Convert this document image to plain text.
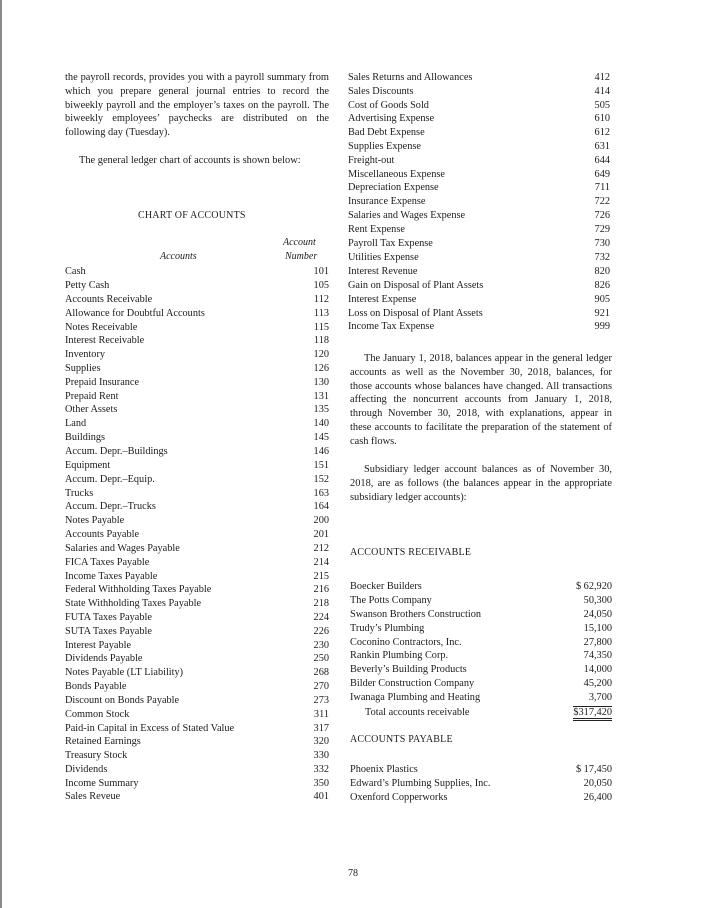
the payroll records, provides you with a payroll summary from which you prepare general journal entries to record the biweekly payroll and the employer’s taxes on the payroll. The biweekly employees’ paychecks are distributed on the following day (Tuesday).

The general ledger chart of accounts is shown below:

CHART OF ACCOUNTS
Account
Accounts	Number
Cash	101
Petty Cash	105
Accounts Receivable	112
Allowance for Doubtful Accounts	113
Notes Receivable	115
Interest Receivable	118
Inventory	120
Supplies	126
Prepaid Insurance	130
Prepaid Rent	131
Other Assets	135
Land	140
Buildings	145
Accum. Depr.–Buildings	146
Equipment	151
Accum. Depr.–Equip.	152
Trucks	163
Accum. Depr.–Trucks	164
Notes Payable	200
Accounts Payable	201
Salaries and Wages Payable	212
FICA Taxes Payable	214
Income Taxes Payable	215
Federal Withholding Taxes Payable	216
State Withholding Taxes Payable	218
FUTA Taxes Payable	224
SUTA Taxes Payable	226
Interest Payable	230
Dividends Payable	250
Notes Payable (LT Liability)	268
Bonds Payable	270
Discount on Bonds Payable	273
Common Stock	311
Paid-in Capital in Excess of Stated Value	317
Retained Earnings	320
Treasury Stock	330
Dividends	332
Income Summary	350
Sales Reveue	401
Sales Returns and Allowances	412
Sales Discounts	414
Cost of Goods Sold	505
Advertising Expense	610
Bad Debt Expense	612
Supplies Expense	631
Freight-out	644
Miscellaneous Expense	649
Depreciation Expense	711
Insurance Expense	722
Salaries and Wages Expense	726
Rent Expense	729
Payroll Tax Expense	730
Utilities Expense	732
Interest Revenue	820
Gain on Disposal of Plant Assets	826
Interest Expense	905
Loss on Disposal of Plant Assets	921
Income Tax Expense	999

The January 1, 2018, balances appear in the general ledger accounts as well as the November 30, 2018, balances, for those accounts whose balances have changed. All transactions affecting the noncurrent accounts from January 1, 2018, through November 30, 2018, with explanations, appear in these accounts to facilitate the preparation of the statement of cash flows.

Subsidiary ledger account balances as of November 30, 2018, are as follows (the balances appear in the appropriate subsidiary ledger accounts):

ACCOUNTS RECEIVABLE
Boecker Builders	$ 62,920
The Potts Company	50,300
Swanson Brothers Construction	24,050
Trudy’s Plumbing	15,100
Coconino Contractors, Inc.	27,800
Rankin Plumbing Corp.	74,350
Beverly’s Building Products	14,000
Bilder Construction Company	45,200
Iwanaga Plumbing and Heating	3,700
Total accounts receivable	$317,420
ACCOUNTS PAYABLE
Phoenix Plastics	$ 17,450
Edward’s Plumbing Supplies, Inc.	20,050
Oxenford Copperworks	26,400
78
